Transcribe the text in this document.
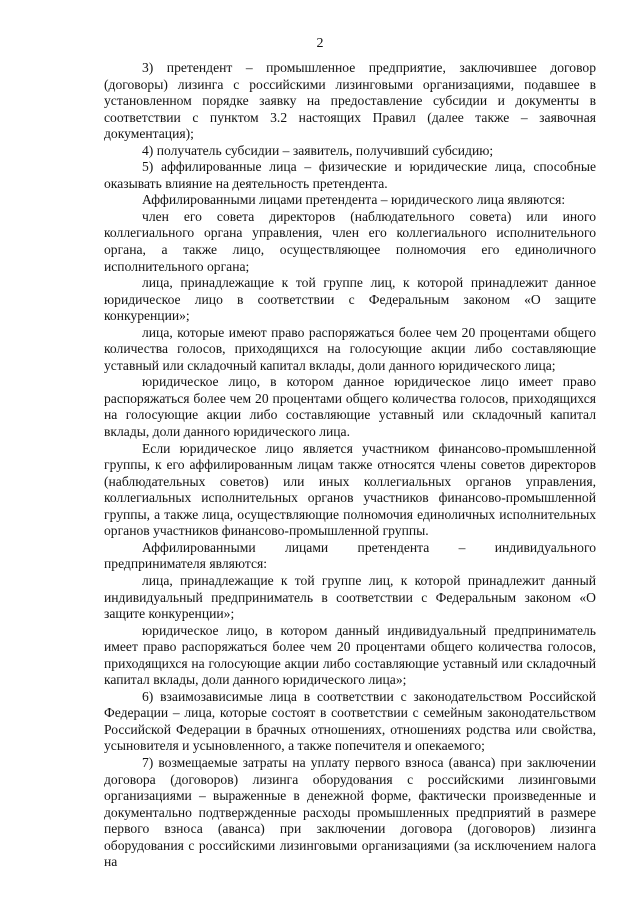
2

3) претендент – промышленное предприятие, заключившее договор (договоры) лизинга с российскими лизинговыми организациями, подавшее в установленном порядке заявку на предоставление субсидии и документы в соответствии с пунктом 3.2 настоящих Правил (далее также – заявочная документация);

4) получатель субсидии – заявитель, получивший субсидию;

5) аффилированные лица – физические и юридические лица, способные оказывать влияние на деятельность претендента.

Аффилированными лицами претендента – юридического лица являются:

член его совета директоров (наблюдательного совета) или иного коллегиального органа управления, член его коллегиального исполнительного органа, а также лицо, осуществляющее полномочия его единоличного исполнительного органа;

лица, принадлежащие к той группе лиц, к которой принадлежит данное юридическое лицо в соответствии с Федеральным законом «О защите конкуренции»;

лица, которые имеют право распоряжаться более чем 20 процентами общего количества голосов, приходящихся на голосующие акции либо составляющие уставный или складочный капитал вклады, доли данного юридического лица;

юридическое лицо, в котором данное юридическое лицо имеет право распоряжаться более чем 20 процентами общего количества голосов, приходящихся на голосующие акции либо составляющие уставный или складочный капитал вклады, доли данного юридического лица.

Если юридическое лицо является участником финансово-промышленной группы, к его аффилированным лицам также относятся члены советов директоров (наблюдательных советов) или иных коллегиальных органов управления, коллегиальных исполнительных органов участников финансово-промышленной группы, а также лица, осуществляющие полномочия единоличных исполнительных органов участников финансово-промышленной группы.

Аффилированными лицами претендента – индивидуального предпринимателя являются:

лица, принадлежащие к той группе лиц, к которой принадлежит данный индивидуальный предприниматель в соответствии с Федеральным законом «О защите конкуренции»;

юридическое лицо, в котором данный индивидуальный предприниматель имеет право распоряжаться более чем 20 процентами общего количества голосов, приходящихся на голосующие акции либо составляющие уставный или складочный капитал вклады, доли данного юридического лица»;

6) взаимозависимые лица в соответствии с законодательством Российской Федерации – лица, которые состоят в соответствии с семейным законодательством Российской Федерации в брачных отношениях, отношениях родства или свойства, усыновителя и усыновленного, а также попечителя и опекаемого;

7) возмещаемые затраты на уплату первого взноса (аванса) при заключении договора (договоров) лизинга оборудования с российскими лизинговыми организациями – выраженные в денежной форме, фактически произведенные и документально подтвержденные расходы промышленных предприятий в размере первого взноса (аванса) при заключении договора (договоров) лизинга оборудования с российскими лизинговыми организациями (за исключением налога на
